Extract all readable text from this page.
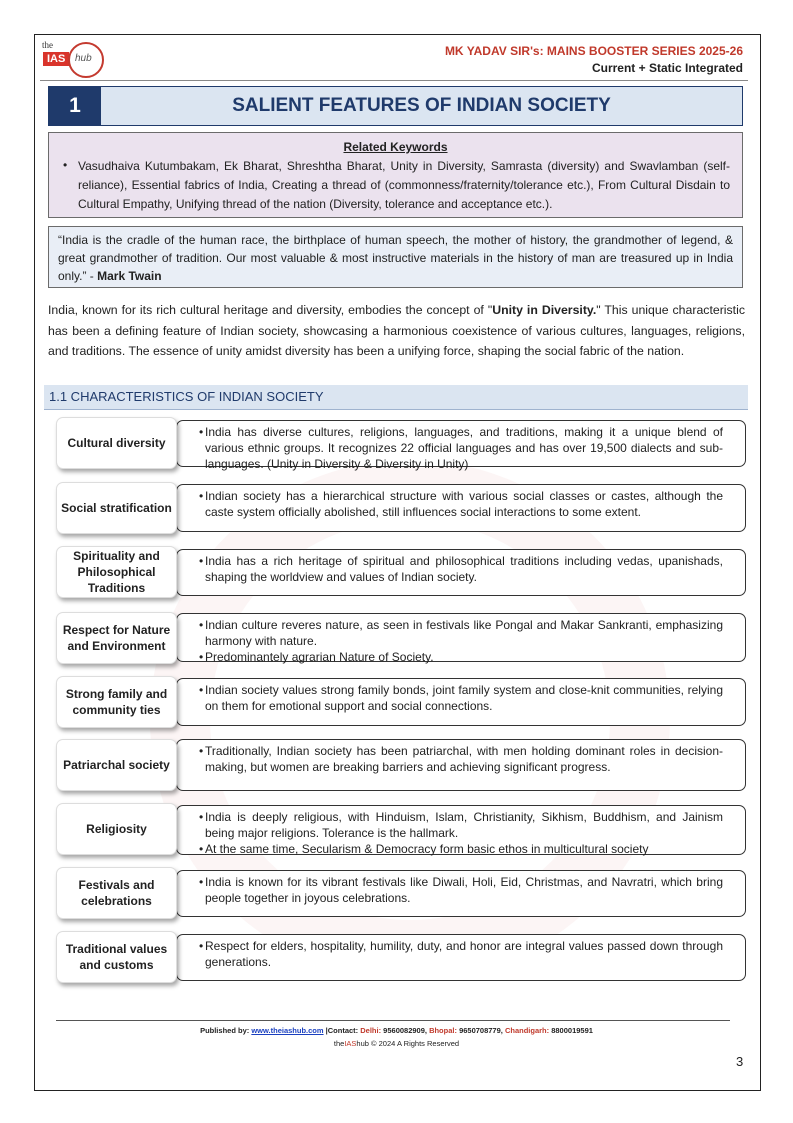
the
IAS hub
MK YADAV SIR's: MAINS BOOSTER SERIES 2025-26
Current + Static Integrated
1	SALIENT FEATURES OF INDIAN SOCIETY
Related Keywords
• Vasudhaiva Kutumbakam, Ek Bharat, Shreshtha Bharat, Unity in Diversity, Samrasta (diversity) and Swavlamban (self-reliance), Essential fabrics of India, Creating a thread of (commonness/fraternity/tolerance etc.), From Cultural Disdain to Cultural Empathy, Unifying thread of the nation (Diversity, tolerance and acceptance etc.).
“India is the cradle of the human race, the birthplace of human speech, the mother of history, the grandmother of legend, & great grandmother of tradition. Our most valuable & most instructive materials in the history of man are treasured up in India only.” - Mark Twain
India, known for its rich cultural heritage and diversity, embodies the concept of "Unity in Diversity." This unique characteristic has been a defining feature of Indian society, showcasing a harmonious coexistence of various cultures, languages, religions, and traditions. The essence of unity amidst diversity has been a unifying force, shaping the social fabric of the nation.
1.1 CHARACTERISTICS OF INDIAN SOCIETY
Cultural diversity
• India has diverse cultures, religions, languages, and traditions, making it a unique blend of various ethnic groups. It recognizes 22 official languages and has over 19,500 dialects and sub-languages. (Unity in Diversity & Diversity in Unity)
Social stratification
• Indian society has a hierarchical structure with various social classes or castes, although the caste system officially abolished, still influences social interactions to some extent.
Spirituality and Philosophical Traditions
• India has a rich heritage of spiritual and philosophical traditions including vedas, upanishads, shaping the worldview and values of Indian society.
Respect for Nature and Environment
• Indian culture reveres nature, as seen in festivals like Pongal and Makar Sankranti, emphasizing harmony with nature.
• Predominantely agrarian Nature of Society.
Strong family and community ties
• Indian society values strong family bonds, joint family system and close-knit communities, relying on them for emotional support and social connections.
Patriarchal society
• Traditionally, Indian society has been patriarchal, with men holding dominant roles in decision-making, but women are breaking barriers and achieving significant progress.
Religiosity
• India is deeply religious, with Hinduism, Islam, Christianity, Sikhism, Buddhism, and Jainism being major religions. Tolerance is the hallmark.
• At the same time, Secularism & Democracy form basic ethos in multicultural society
Festivals and celebrations
• India is known for its vibrant festivals like Diwali, Holi, Eid, Christmas, and Navratri, which bring people together in joyous celebrations.
Traditional values and customs
• Respect for elders, hospitality, humility, duty, and honor are integral values passed down through generations.
Published by: www.theiashub.com |Contact: Delhi: 9560082909, Bhopal: 9650708779, Chandigarh: 8800019591
theIAShub © 2024 A Rights Reserved
3
